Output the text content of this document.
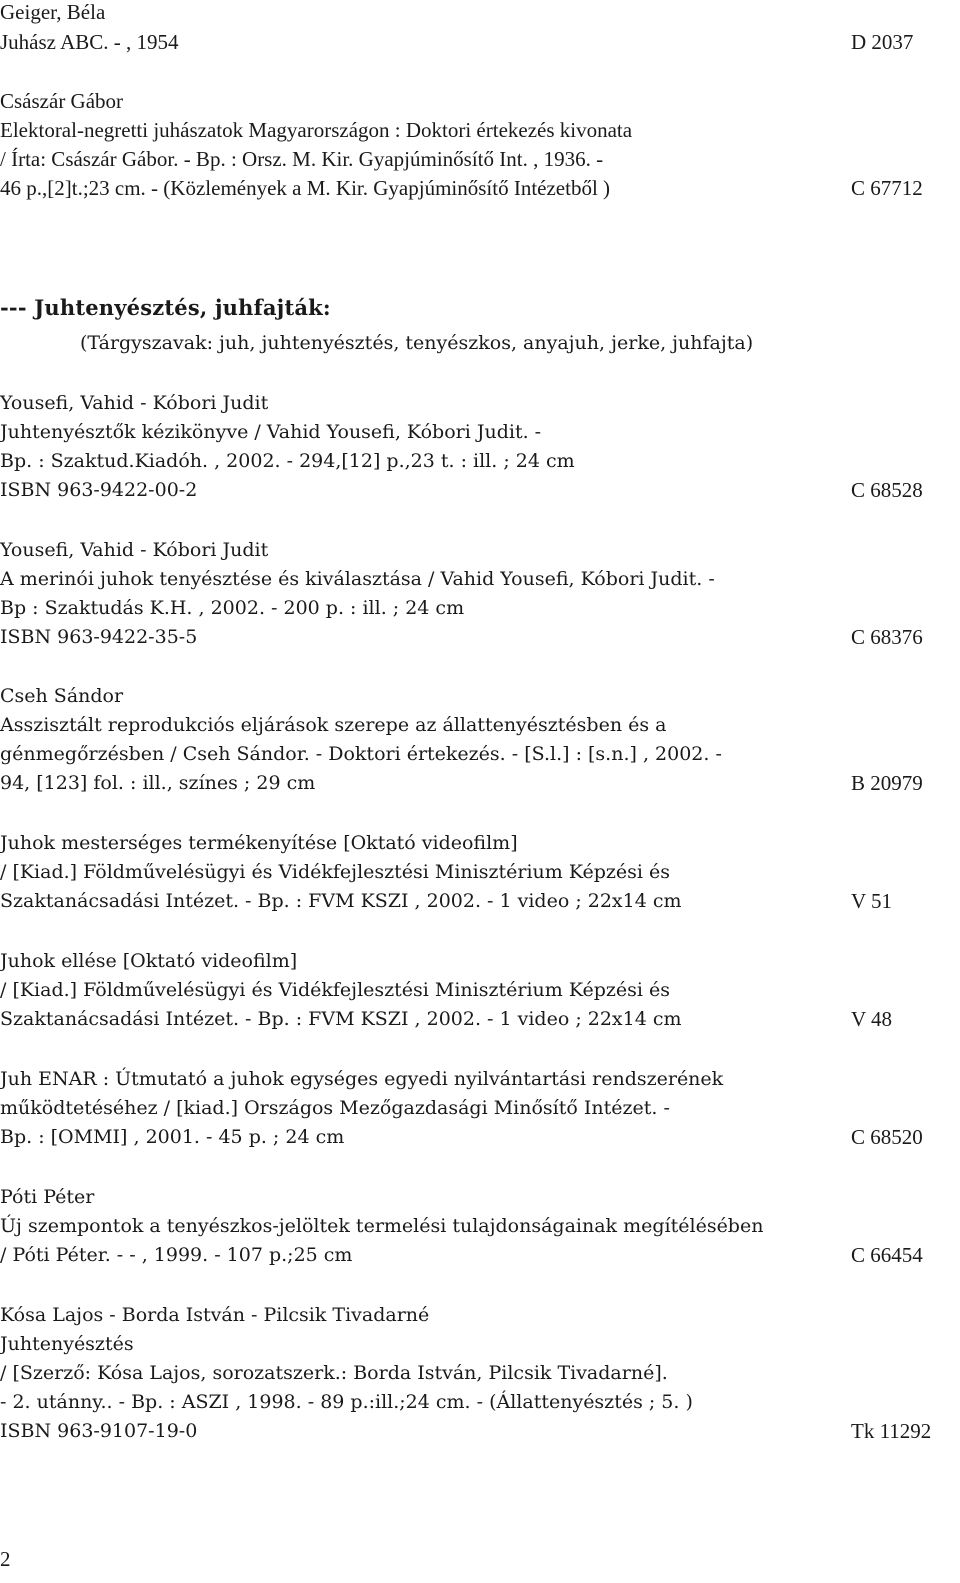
Geiger, Béla
Juhász ABC. - , 1954	D 2037
Császár Gábor
Elektoral-negretti juhászatok Magyarországon : Doktori értekezés kivonata
/ Írta: Császár Gábor. - Bp. : Orsz. M. Kir. Gyapjúminősítő Int. , 1936. -
46 p.,[2]t.;23 cm. - (Közlemények a M. Kir. Gyapjúminősítő Intézetből )	C 67712
--- Juhtenyésztés, juhfajták:
(Tárgyszavak: juh, juhtenyésztés, tenyészkos, anyajuh, jerke, juhfajta)
Yousefi, Vahid - Kóbori Judit
Juhtenyésztők kézikönyve / Vahid Yousefi, Kóbori Judit. -
Bp. : Szaktud.Kiadóh. , 2002. - 294,[12] p.,23 t. : ill. ; 24 cm
ISBN 963-9422-00-2	C 68528
Yousefi, Vahid - Kóbori Judit
A merinói juhok tenyésztése és kiválasztása / Vahid Yousefi, Kóbori Judit. -
Bp : Szaktudás K.H. , 2002. - 200 p. : ill. ; 24 cm
ISBN 963-9422-35-5	C 68376
Cseh Sándor
Asszisztált reprodukciós eljárások szerepe az állattenyésztésben és a
génmegőrzésben / Cseh Sándor. - Doktori értekezés. - [S.l.] : [s.n.] , 2002. -
94, [123] fol. : ill., színes ; 29 cm	B 20979
Juhok mesterséges termékenyítése [Oktató videofilm]
/ [Kiad.] Földművelésügyi és Vidékfejlesztési Minisztérium Képzési és
Szaktanácsadási Intézet. - Bp. : FVM KSZI , 2002. - 1 video ; 22x14 cm	V 51
Juhok ellése [Oktató videofilm]
/ [Kiad.] Földművelésügyi és Vidékfejlesztési Minisztérium Képzési és
Szaktanácsadási Intézet. - Bp. : FVM KSZI , 2002. - 1 video ; 22x14 cm	V 48
Juh ENAR : Útmutató a juhok egységes egyedi nyilvántartási rendszerének
működtetéséhez / [kiad.] Országos Mezőgazdasági Minősítő Intézet. -
Bp. : [OMMI] , 2001. - 45 p. ; 24 cm	C 68520
Póti Péter
Új szempontok a tenyészkos-jelöltek termelési tulajdonságainak megítélésében
/ Póti Péter. - - , 1999. - 107 p.;25 cm	C 66454
Kósa Lajos - Borda István - Pilcsik Tivadarné
Juhtenyésztés
/ [Szerző: Kósa Lajos, sorozatszerk.: Borda István, Pilcsik Tivadarné].
- 2. utánny.. - Bp. : ASZI , 1998. - 89 p.:ill.;24 cm. - (Állattenyésztés ; 5. )
ISBN 963-9107-19-0	Tk 11292
2
